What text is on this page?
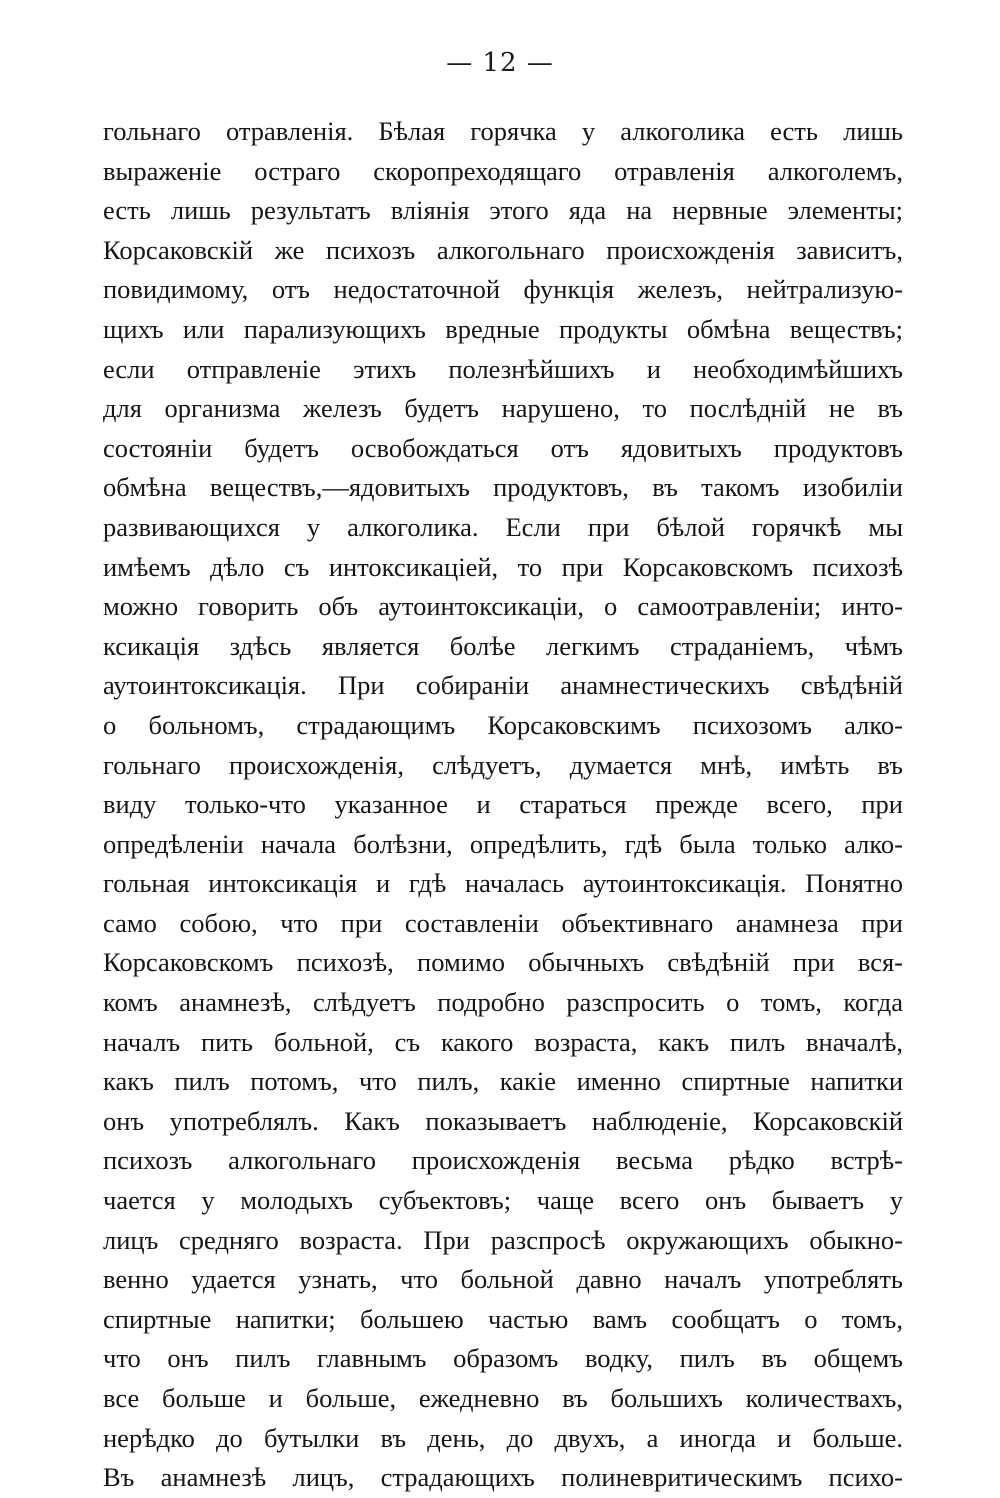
— 12 —
гольнаго отравленія. Бѣлая горячка у алкоголика есть лишь
выраженіе остраго скоропреходящаго отравленія алкоголемъ,
есть лишь результатъ вліянія этого яда на нервные элементы;
Корсаковскій же психозъ алкогольнаго происхожденія зависитъ,
повидимому, отъ недостаточной функція железъ, нейтрализую-
щихъ или парализующихъ вредные продукты обмѣна веществъ;
если отправленіе этихъ полезнѣйшихъ и необходимѣйшихъ
для организма железъ будетъ нарушено, то послѣдній не въ
состояніи будетъ освобождаться отъ ядовитыхъ продуктовъ
обмѣна веществъ,—ядовитыхъ продуктовъ, въ такомъ изобиліи
развивающихся у алкоголика. Если при бѣлой горячкѣ мы
имѣемъ дѣло съ интоксикаціей, то при Корсаковскомъ психозѣ
можно говорить объ аутоинтоксикаціи, о самоотравленіи; инто-
ксикація здѣсь является болѣе легкимъ страданіемъ, чѣмъ
аутоинтоксикація. При собираніи анамнестическихъ свѣдѣній
о больномъ, страдающимъ Корсаковскимъ психозомъ алко-
гольнаго происхожденія, слѣдуетъ, думается мнѣ, имѣть въ
виду только-что указанное и стараться прежде всего, при
опредѣленіи начала болѣзни, опредѣлить, гдѣ была только алко-
гольная интоксикація и гдѣ началась аутоинтоксикація. Понятно
само собою, что при составленіи объективнаго анамнеза при
Корсаковскомъ психозѣ, помимо обычныхъ свѣдѣній при вся-
комъ анамнезѣ, слѣдуетъ подробно разспросить о томъ, когда
началъ пить больной, съ какого возраста, какъ пилъ вначалѣ,
какъ пилъ потомъ, что пилъ, какіе именно спиртные напитки
онъ употреблялъ. Какъ показываетъ наблюденіе, Корсаковскій
психозъ алкогольнаго происхожденія весьма рѣдко встрѣ-
чается у молодыхъ субъектовъ; чаще всего онъ бываетъ у
лицъ средняго возраста. При разспросѣ окружающихъ обыкно-
венно удается узнать, что больной давно началъ употреблять
спиртные напитки; большею частью вамъ сообщатъ о томъ,
что онъ пилъ главнымъ образомъ водку, пилъ въ общемъ
все больше и больше, ежедневно въ большихъ количествахъ,
нерѣдко до бутылки въ день, до двухъ, а иногда и больше.
Въ анамнезѣ лицъ, страдающихъ полиневритическимъ психо-
